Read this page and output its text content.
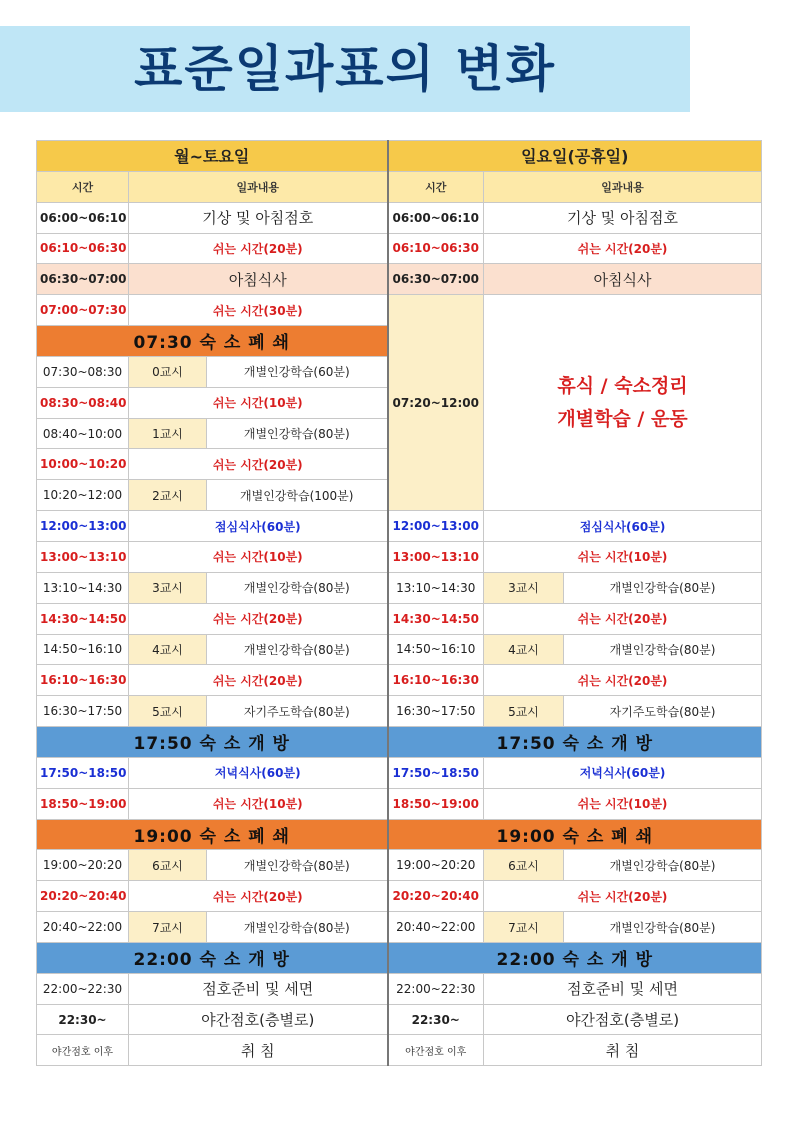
표준일과표의 변화
월~토요일			일요일(공휴일)		
시간	일과내용		시간	일과내용	
06:00~06:10	기상 및 아침점호		06:00~06:10	기상 및 아침점호	
06:10~06:30	쉬는 시간(20분)		06:10~06:30	쉬는 시간(20분)	
06:30~07:00	아침식사		06:30~07:00	아침식사	
07:00~07:30	쉬는 시간(30분)		07:20~12:00	휴식 / 숙소정리
개별학습 / 운동	

07:30 숙 소 폐 쇄					
07:30~08:30	0교시	개별인강학습(60분)			
08:30~08:40	쉬는 시간(10분)				
08:40~10:00	1교시	개별인강학습(80분)			
10:00~10:20	쉬는 시간(20분)				
10:20~12:00	2교시	개별인강학습(100분)			
12:00~13:00	점심식사(60분)		12:00~13:00	점심식사(60분)	
13:00~13:10	쉬는 시간(10분)		13:00~13:10	쉬는 시간(10분)	
13:10~14:30	3교시	개별인강학습(80분)	13:10~14:30	3교시	개별인강학습(80분)
14:30~14:50	쉬는 시간(20분)		14:30~14:50	쉬는 시간(20분)	
14:50~16:10	4교시	개별인강학습(80분)	14:50~16:10	4교시	개별인강학습(80분)
16:10~16:30	쉬는 시간(20분)		16:10~16:30	쉬는 시간(20분)	
16:30~17:50	5교시	자기주도학습(80분)	16:30~17:50	5교시	자기주도학습(80분)
17:50 숙 소 개 방			17:50 숙 소 개 방		
17:50~18:50	저녁식사(60분)		17:50~18:50	저녁식사(60분)	
18:50~19:00	쉬는 시간(10분)		18:50~19:00	쉬는 시간(10분)	
19:00 숙 소 폐 쇄			19:00 숙 소 폐 쇄		
19:00~20:20	6교시	개별인강학습(80분)	19:00~20:20	6교시	개별인강학습(80분)
20:20~20:40	쉬는 시간(20분)		20:20~20:40	쉬는 시간(20분)	
20:40~22:00	7교시	개별인강학습(80분)	20:40~22:00	7교시	개별인강학습(80분)
22:00 숙 소 개 방			22:00 숙 소 개 방		
22:00~22:30	점호준비 및 세면		22:00~22:30	점호준비 및 세면	
22:30~	야간점호(층별로)		22:30~	야간점호(층별로)	
야간점호 이후	취 침		야간점호 이후	취 침	
